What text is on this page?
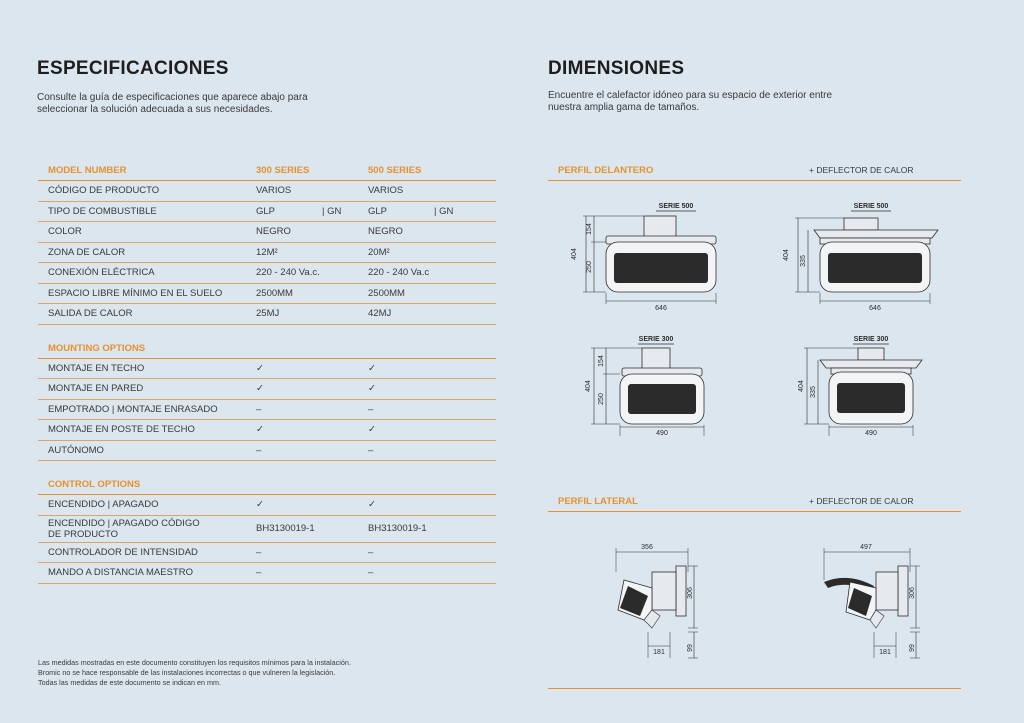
ESPECIFICACIONES

Consulte la guía de especificaciones que aparece abajo para
seleccionar la solución adecuada a sus necesidades.

MODEL NUMBER	300 SERIES	500 SERIES
CÓDIGO DE PRODUCTO	VARIOS	VARIOS
TIPO DE COMBUSTIBLE	GLP | GN	GLP | GN
COLOR	NEGRO	NEGRO
ZONA DE CALOR	12M²	20M²
CONEXIÓN ELÉCTRICA	220 - 240 Va.c.	220 - 240 Va.c
ESPACIO LIBRE MÍNIMO EN EL SUELO	2500MM	2500MM
SALIDA DE CALOR	25MJ	42MJ

MOUNTING OPTIONS		
MONTAJE EN TECHO	✓	✓
MONTAJE EN PARED	✓	✓
EMPOTRADO | MONTAJE ENRASADO	–	–
MONTAJE EN POSTE DE TECHO	✓	✓
AUTÓNOMO	–	–

CONTROL OPTIONS		
ENCENDIDO | APAGADO	✓	✓
ENCENDIDO | APAGADO CÓDIGO
DE PRODUCTO	BH3130019-1	BH3130019-1
CONTROLADOR DE INTENSIDAD	–	–
MANDO A DISTANCIA MAESTRO	–	–

Las medidas mostradas en este documento constituyen los requisitos mínimos para la instalación.
Bromic no se hace responsable de las instalaciones incorrectas o que vulneren la legislación.
Todas las medidas de este documento se indican en mm.

DIMENSIONES

Encuentre el calefactor idóneo para su espacio de exterior entre
nuestra amplia gama de tamaños.

PERFIL DELANTERO	+ DEFLECTOR DE CALOR
SERIE 500
404
154
250
646
SERIE 500
404
335
646
SERIE 300
404
154
250
490
SERIE 300
404
335
490
PERFIL LATERAL	+ DEFLECTOR DE CALOR
356
306
181
99
497
306
181
99
